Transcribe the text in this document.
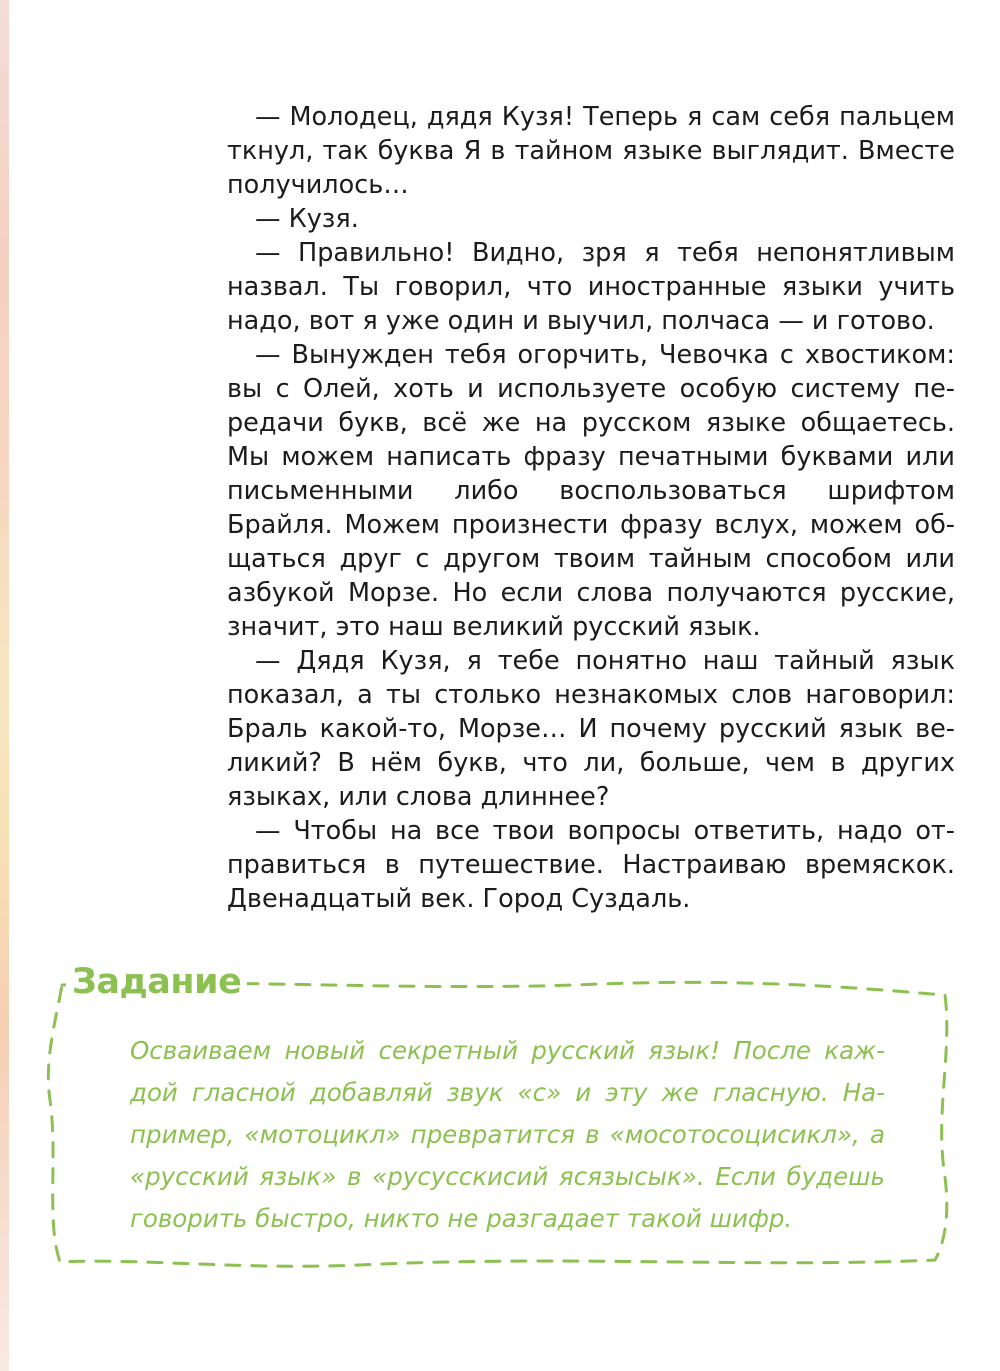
— Молодец, дядя Кузя! Теперь я сам себя пальцем ткнул, так буква Я в тайном языке выглядит. Вместе получилось…

— Кузя.

— Правильно! Видно, зря я тебя непонятливым назвал. Ты говорил, что иностранные языки учить надо, вот я уже один и выучил, полчаса — и готово.

— Вынужден тебя огорчить, Чевочка с хвостиком: вы с Олей, хоть и используете особую систему передачи букв, всё же на русском языке общаетесь. Мы можем написать фразу печатными буквами или письменными либо воспользоваться шрифтом Брайля. Можем произнести фразу вслух, можем общаться друг с другом твоим тайным способом или азбукой Морзе. Но если слова получаются русские, значит, это наш великий русский язык.

— Дядя Кузя, я тебе понятно наш тайный язык показал, а ты столько незнакомых слов наговорил: Браль какой-то, Морзе… И почему русский язык великий? В нём букв, что ли, больше, чем в других языках, или слова длиннее?

— Чтобы на все твои вопросы ответить, надо отправиться в путешествие. Настраиваю времяскок. Двенадцатый век. Город Суздаль.

Задание

Осваиваем новый секретный русский язык! После каждой гласной добавляй звук «с» и эту же гласную. Например, «мотоцикл» превратится в «мосотосоцисикл», а «русский язык» в «русусскисий ясязысык». Если будешь говорить быстро, никто не разгадает такой шифр.
